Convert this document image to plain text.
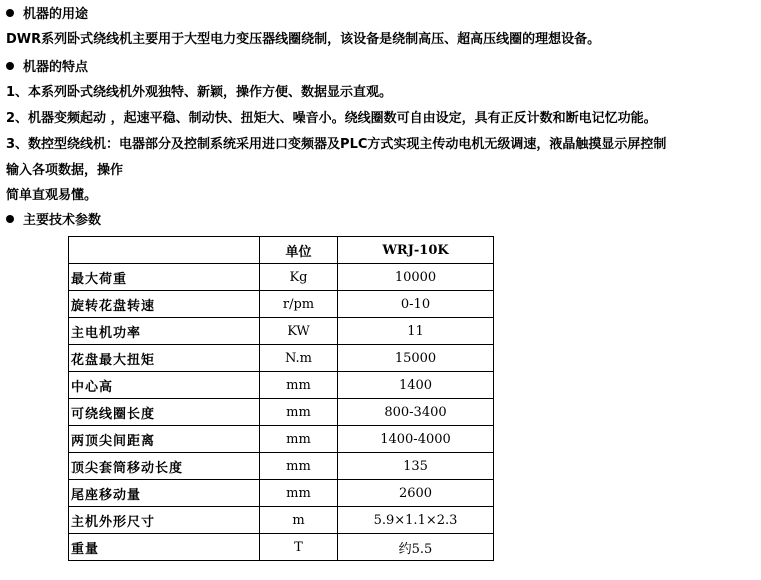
机器的用途
DWR系列卧式绕线机主要用于大型电力变压器线圈绕制，该设备是绕制高压、超高压线圈的理想设备。
机器的特点
1、本系列卧式绕线机外观独特、新颖，操作方便、数据显示直观。
2、机器变频起动 ，起速平稳、制动快、扭矩大、噪音小。绕线圈数可自由设定，具有正反计数和断电记忆功能。
3、数控型绕线机：电器部分及控制系统采用进口变频器及PLC方式实现主传动电机无级调速，液晶触摸显示屏控制
输入各项数据，操作
简单直观易懂。
主要技术参数
	单位	WRJ-10K
最大荷重	Kg	10000
旋转花盘转速	r/pm	0-10
主电机功率	KW	11
花盘最大扭矩	N.m	15000
中心高	mm	1400
可绕线圈长度	mm	800-3400
两顶尖间距离	mm	1400-4000
顶尖套筒移动长度	mm	135
尾座移动量	mm	2600
主机外形尺寸	m	5.9×1.1×2.3
重量	T	约5.5
